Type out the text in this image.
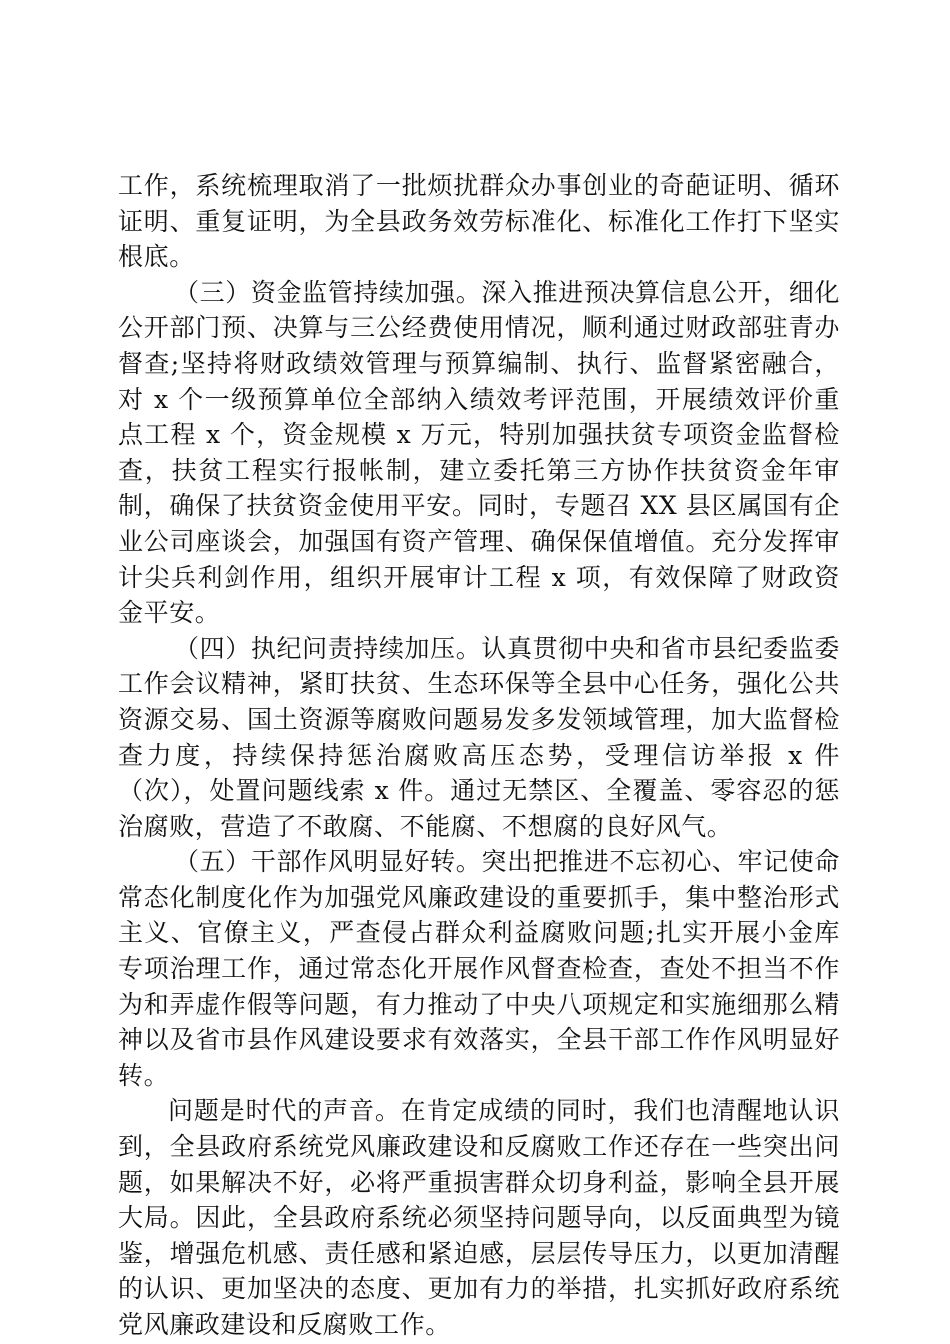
工作，系统梳理取消了一批烦扰群众办事创业的奇葩证明、循环证明、重复证明，为全县政务效劳标准化、标准化工作打下坚实根底。

（三）资金监管持续加强。深入推进预决算信息公开，细化公开部门预、决算与三公经费使用情况，顺利通过财政部驻青办督查;坚持将财政绩效管理与预算编制、执行、监督紧密融合，对 x 个一级预算单位全部纳入绩效考评范围，开展绩效评价重点工程 x 个，资金规模 x 万元，特别加强扶贫专项资金监督检查，扶贫工程实行报帐制，建立委托第三方协作扶贫资金年审制，确保了扶贫资金使用平安。同时，专题召 XX 县区属国有企业公司座谈会，加强国有资产管理、确保保值增值。充分发挥审计尖兵利剑作用，组织开展审计工程 x 项，有效保障了财政资金平安。

（四）执纪问责持续加压。认真贯彻中央和省市县纪委监委工作会议精神，紧盯扶贫、生态环保等全县中心任务，强化公共资源交易、国土资源等腐败问题易发多发领域管理，加大监督检查力度，持续保持惩治腐败高压态势，受理信访举报 x 件（次），处置问题线索 x 件。通过无禁区、全覆盖、零容忍的惩治腐败，营造了不敢腐、不能腐、不想腐的良好风气。

（五）干部作风明显好转。突出把推进不忘初心、牢记使命常态化制度化作为加强党风廉政建设的重要抓手，集中整治形式主义、官僚主义，严查侵占群众利益腐败问题;扎实开展小金库专项治理工作，通过常态化开展作风督查检查，查处不担当不作为和弄虚作假等问题，有力推动了中央八项规定和实施细那么精神以及省市县作风建设要求有效落实，全县干部工作作风明显好转。

问题是时代的声音。在肯定成绩的同时，我们也清醒地认识到，全县政府系统党风廉政建设和反腐败工作还存在一些突出问题，如果解决不好，必将严重损害群众切身利益，影响全县开展大局。因此，全县政府系统必须坚持问题导向，以反面典型为镜鉴，增强危机感、责任感和紧迫感，层层传导压力，以更加清醒的认识、更加坚决的态度、更加有力的举措，扎实抓好政府系统党风廉政建设和反腐败工作。
